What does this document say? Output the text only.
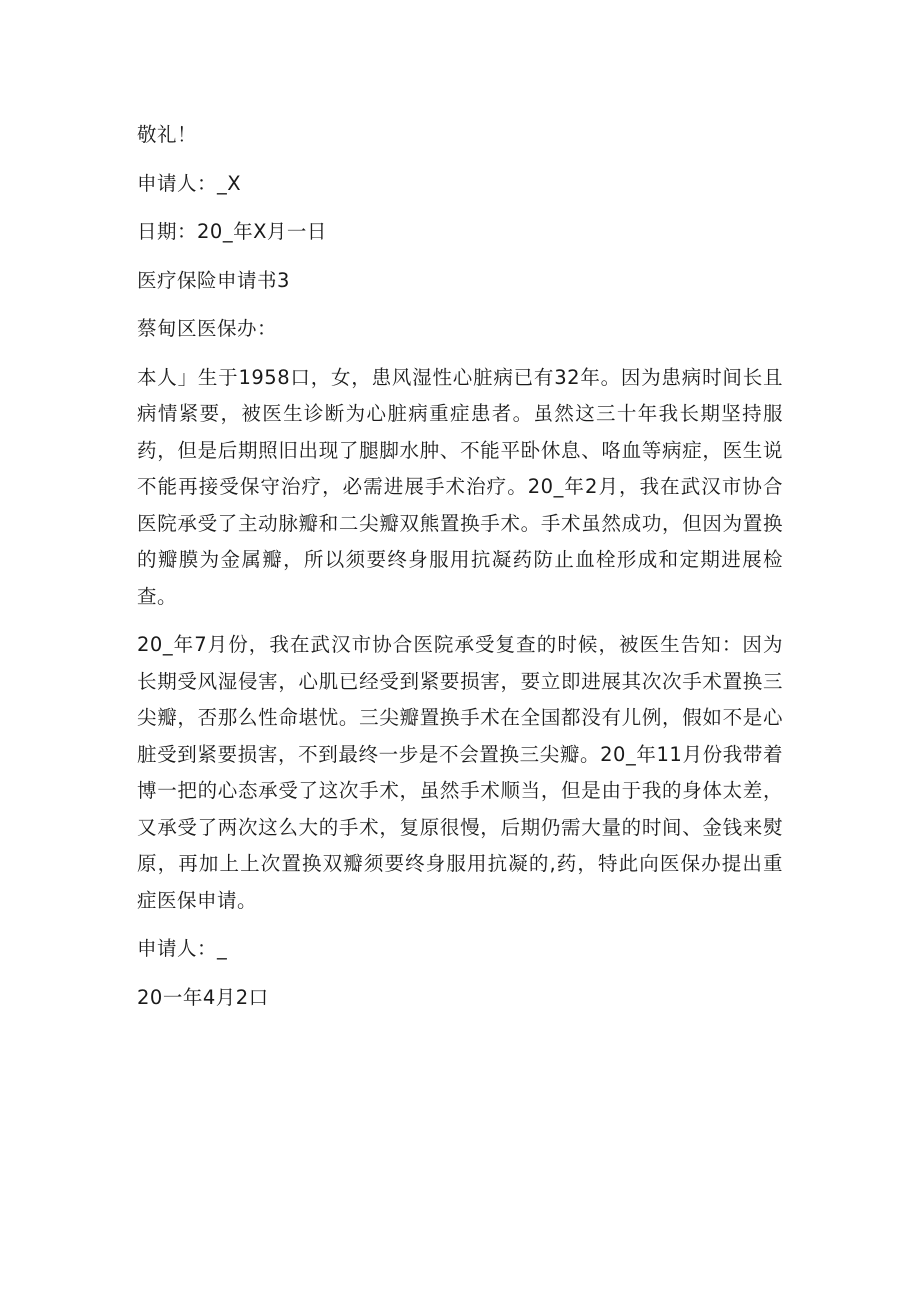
敬礼！

申请人：_X

日期：20_年X月一日

医疗保险申请书3

蔡甸区医保办：

本人」生于1958口，女，患风湿性心脏病已有32年。因为患病时间长且病情紧要，被医生诊断为心脏病重症患者。虽然这三十年我长期坚持服药，但是后期照旧出现了腿脚水肿、不能平卧休息、咯血等病症，医生说不能再接受保守治疗，必需进展手术治疗。20_年2月，我在武汉市协合医院承受了主动脉瓣和二尖瓣双熊置换手术。手术虽然成功，但因为置换的瓣膜为金属瓣，所以须要终身服用抗凝药防止血栓形成和定期进展检查。

20_年7月份，我在武汉市协合医院承受复查的时候，被医生告知：因为长期受风湿侵害，心肌已经受到紧要损害，要立即进展其次次手术置换三尖瓣，否那么性命堪忧。三尖瓣置换手术在全国都没有儿例，假如不是心脏受到紧要损害，不到最终一步是不会置换三尖瓣。20_年11月份我带着博一把的心态承受了这次手术，虽然手术顺当，但是由于我的身体太差，又承受了两次这么大的手术，复原很慢，后期仍需大量的时间、金钱来熨原，再加上上次置换双瓣须要终身服用抗凝的,药，特此向医保办提出重症医保申请。

申请人：_

20一年4月2口
